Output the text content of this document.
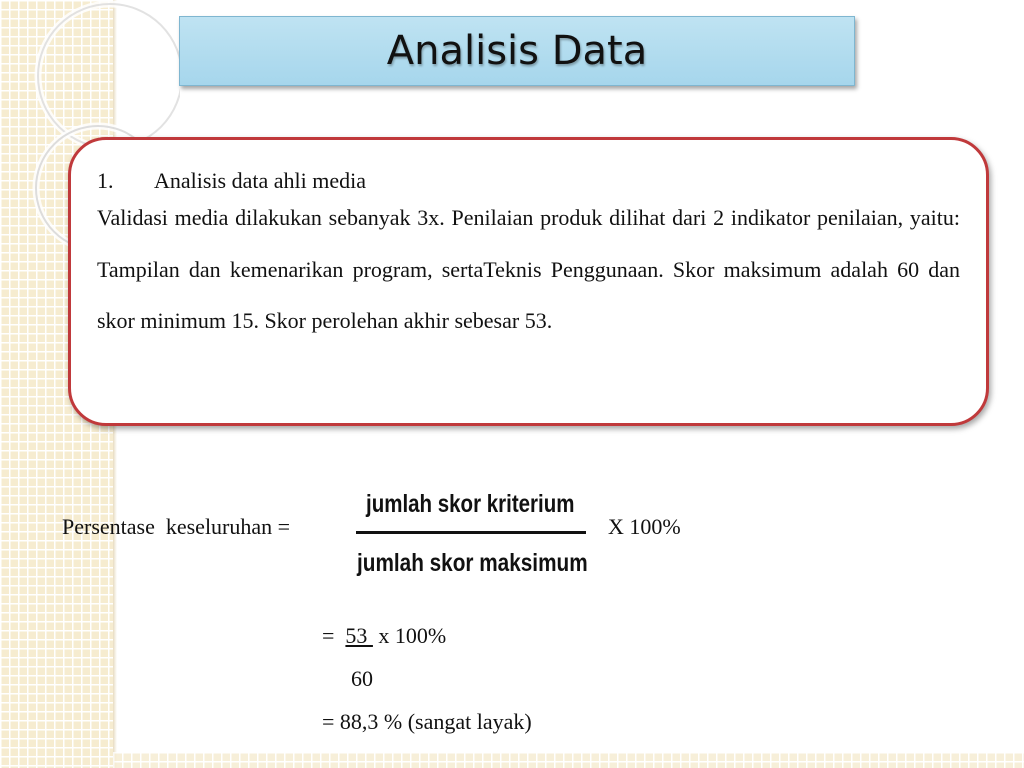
Analisis Data
1.	Analisis data ahli media
Validasi media dilakukan sebanyak 3x. Penilaian produk dilihat dari 2 indikator penilaian, yaitu: Tampilan dan kemenarikan program, sertaTeknis Penggunaan. Skor maksimum adalah 60 dan skor minimum 15. Skor perolehan akhir sebesar 53.
Persentase  keseluruhan =
jumlah skor kriterium
jumlah skor maksimum
X 100%
=  53  x 100%
60
= 88,3 % (sangat layak)
